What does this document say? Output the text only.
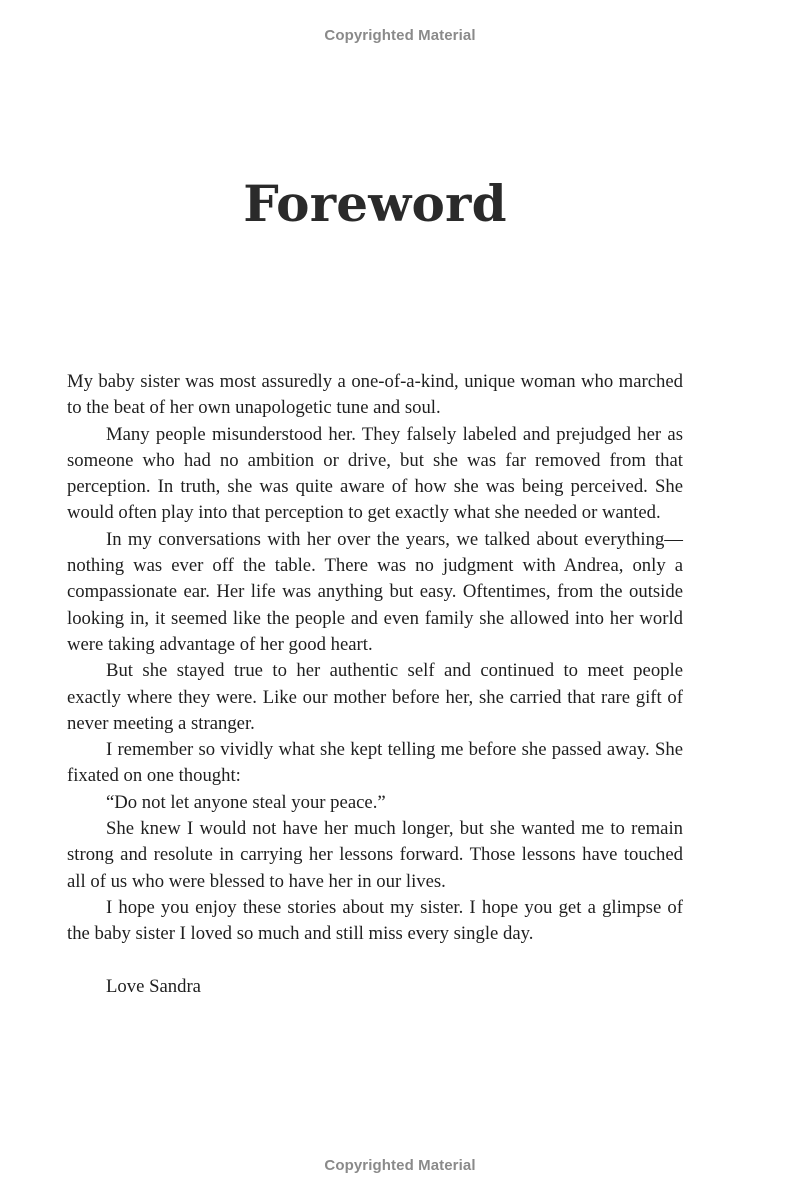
Copyrighted Material
Foreword

My baby sister was most assuredly a one-of-a-kind, unique woman who marched to the beat of her own unapologetic tune and soul.

Many people misunderstood her. They falsely labeled and prejudged her as someone who had no ambition or drive, but she was far removed from that perception. In truth, she was quite aware of how she was being perceived. She would often play into that perception to get exactly what she needed or wanted.

In my conversations with her over the years, we talked about everything—nothing was ever off the table. There was no judgment with Andrea, only a compassionate ear. Her life was anything but easy. Oftentimes, from the outside looking in, it seemed like the people and even family she allowed into her world were taking advantage of her good heart.

But she stayed true to her authentic self and continued to meet people exactly where they were. Like our mother before her, she carried that rare gift of never meeting a stranger.

I remember so vividly what she kept telling me before she passed away. She fixated on one thought:

“Do not let anyone steal your peace.”

She knew I would not have her much longer, but she wanted me to remain strong and resolute in carrying her lessons forward. Those lessons have touched all of us who were blessed to have her in our lives.

I hope you enjoy these stories about my sister. I hope you get a glimpse of the baby sister I loved so much and still miss every single day.

Love Sandra

Copyrighted Material
